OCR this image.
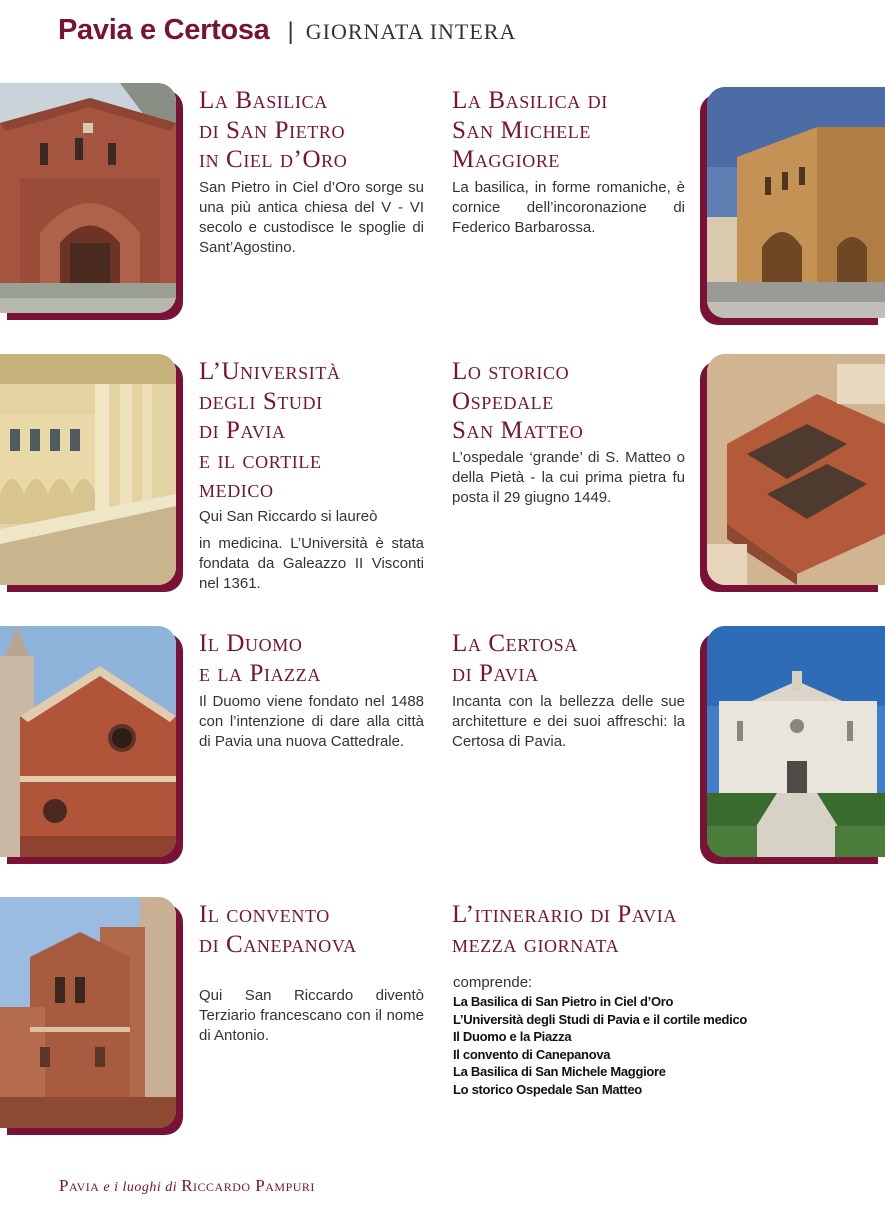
Pavia e Certosa | GIORNATA INTERA
La Basilica
di San Pietro
in Ciel d’Oro
San Pietro in Ciel d’Oro sorge su una più antica chiesa del V - VI secolo e custodisce le spoglie di Sant’Agostino.
La Basilica di
San Michele
Maggiore
La basilica, in forme romaniche, è cornice dell’incoronazione di Federico Barbarossa.
L’Università
degli Studi
di Pavia
e il cortile
medico
Qui San Riccardo si laureò
in medicina. L’Università è stata fondata da Galeazzo II Visconti nel 1361.
Lo storico
Ospedale
San Matteo
L’ospedale ‘grande’ di S. Matteo o della Pietà - la cui prima pietra fu posta il 29 giugno 1449.
Il Duomo
e la Piazza
Il Duomo viene fondato nel 1488 con l’intenzione di dare alla città di Pavia una nuova Cattedrale.
La Certosa
di Pavia
Incanta con la bellezza delle sue architetture e dei suoi affreschi: la Certosa di Pavia.
Il convento
di Canepanova
Qui San Riccardo diventò Terziario francescano con il nome di Antonio.
L’itinerario di Pavia
mezza giornata
comprende:
La Basilica di San Pietro in Ciel d’Oro
L’Università degli Studi di Pavia e il cortile medico
Il Duomo e la Piazza
Il convento di Canepanova
La Basilica di San Michele Maggiore
Lo storico Ospedale San Matteo
Pavia e i luoghi di Riccardo Pampuri
